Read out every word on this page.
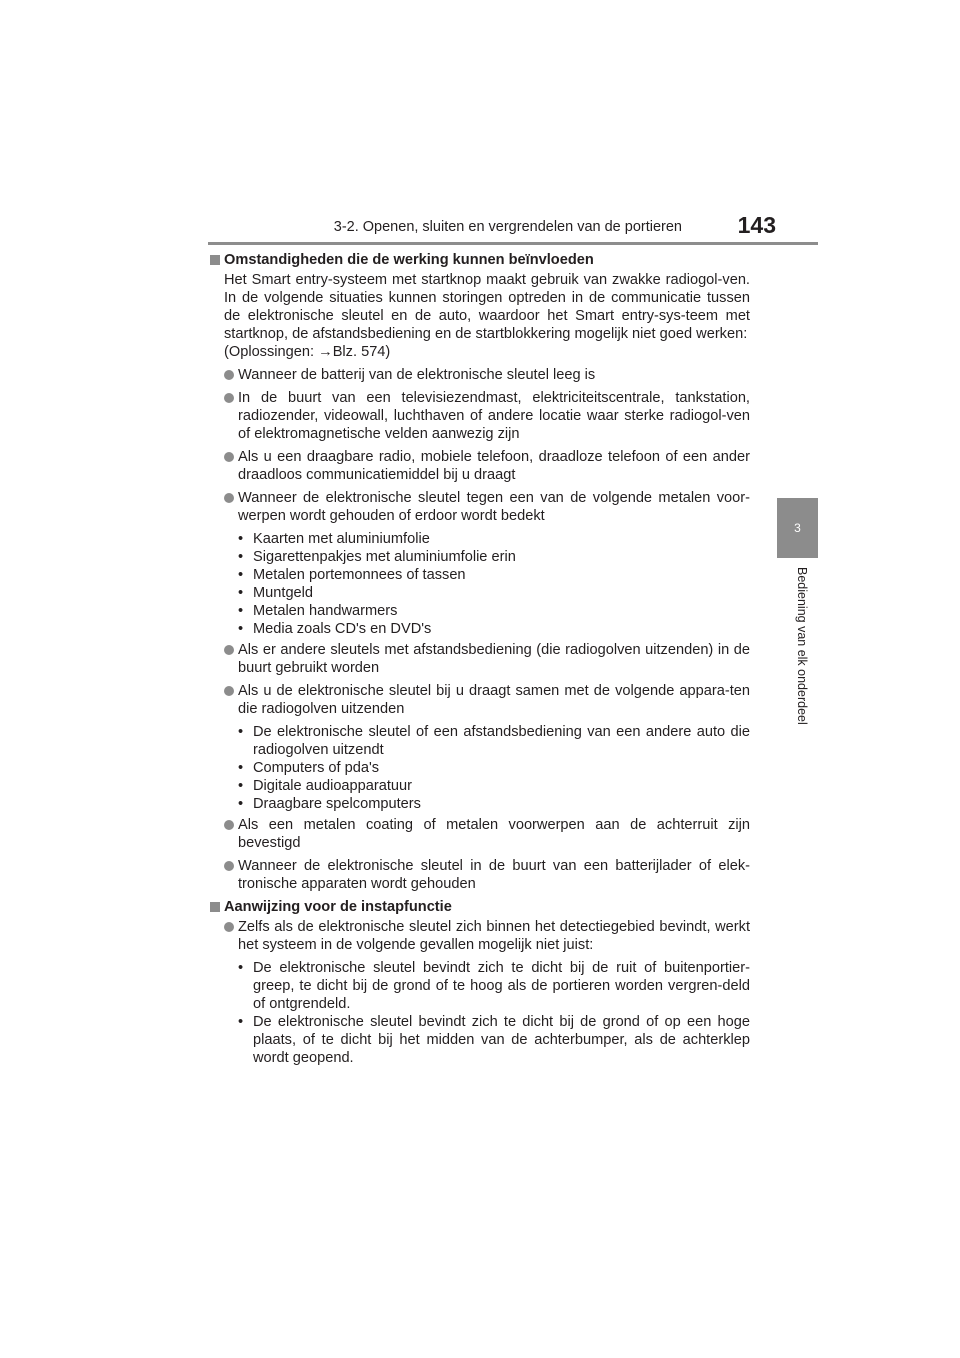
3-2. Openen, sluiten en vergrendelen van de portieren	143
3
Bediening van elk onderdeel
Omstandigheden die de werking kunnen beïnvloeden
Het Smart entry-systeem met startknop maakt gebruik van zwakke radiogol-ven. In de volgende situaties kunnen storingen optreden in de communicatie tussen de elektronische sleutel en de auto, waardoor het Smart entry-sys-teem met startknop, de afstandsbediening en de startblokkering mogelijk niet goed werken:
(Oplossingen: →Blz. 574)
Wanneer de batterij van de elektronische sleutel leeg is
In de buurt van een televisiezendmast, elektriciteitscentrale, tankstation, radiozender, videowall, luchthaven of andere locatie waar sterke radiogol-ven of elektromagnetische velden aanwezig zijn
Als u een draagbare radio, mobiele telefoon, draadloze telefoon of een ander draadloos communicatiemiddel bij u draagt
Wanneer de elektronische sleutel tegen een van de volgende metalen voor-werpen wordt gehouden of erdoor wordt bedekt
• Kaarten met aluminiumfolie
• Sigarettenpakjes met aluminiumfolie erin
• Metalen portemonnees of tassen
• Muntgeld
• Metalen handwarmers
• Media zoals CD's en DVD's
Als er andere sleutels met afstandsbediening (die radiogolven uitzenden) in de buurt gebruikt worden
Als u de elektronische sleutel bij u draagt samen met de volgende appara-ten die radiogolven uitzenden
• De elektronische sleutel of een afstandsbediening van een andere auto die radiogolven uitzendt
• Computers of pda's
• Digitale audioapparatuur
• Draagbare spelcomputers
Als een metalen coating of metalen voorwerpen aan de achterruit zijn bevestigd
Wanneer de elektronische sleutel in de buurt van een batterijlader of elek-tronische apparaten wordt gehouden
Aanwijzing voor de instapfunctie
Zelfs als de elektronische sleutel zich binnen het detectiegebied bevindt, werkt het systeem in de volgende gevallen mogelijk niet juist:
• De elektronische sleutel bevindt zich te dicht bij de ruit of buitenportier-greep, te dicht bij de grond of te hoog als de portieren worden vergren-deld of ontgrendeld.
• De elektronische sleutel bevindt zich te dicht bij de grond of op een hoge plaats, of te dicht bij het midden van de achterbumper, als de achterklep wordt geopend.
